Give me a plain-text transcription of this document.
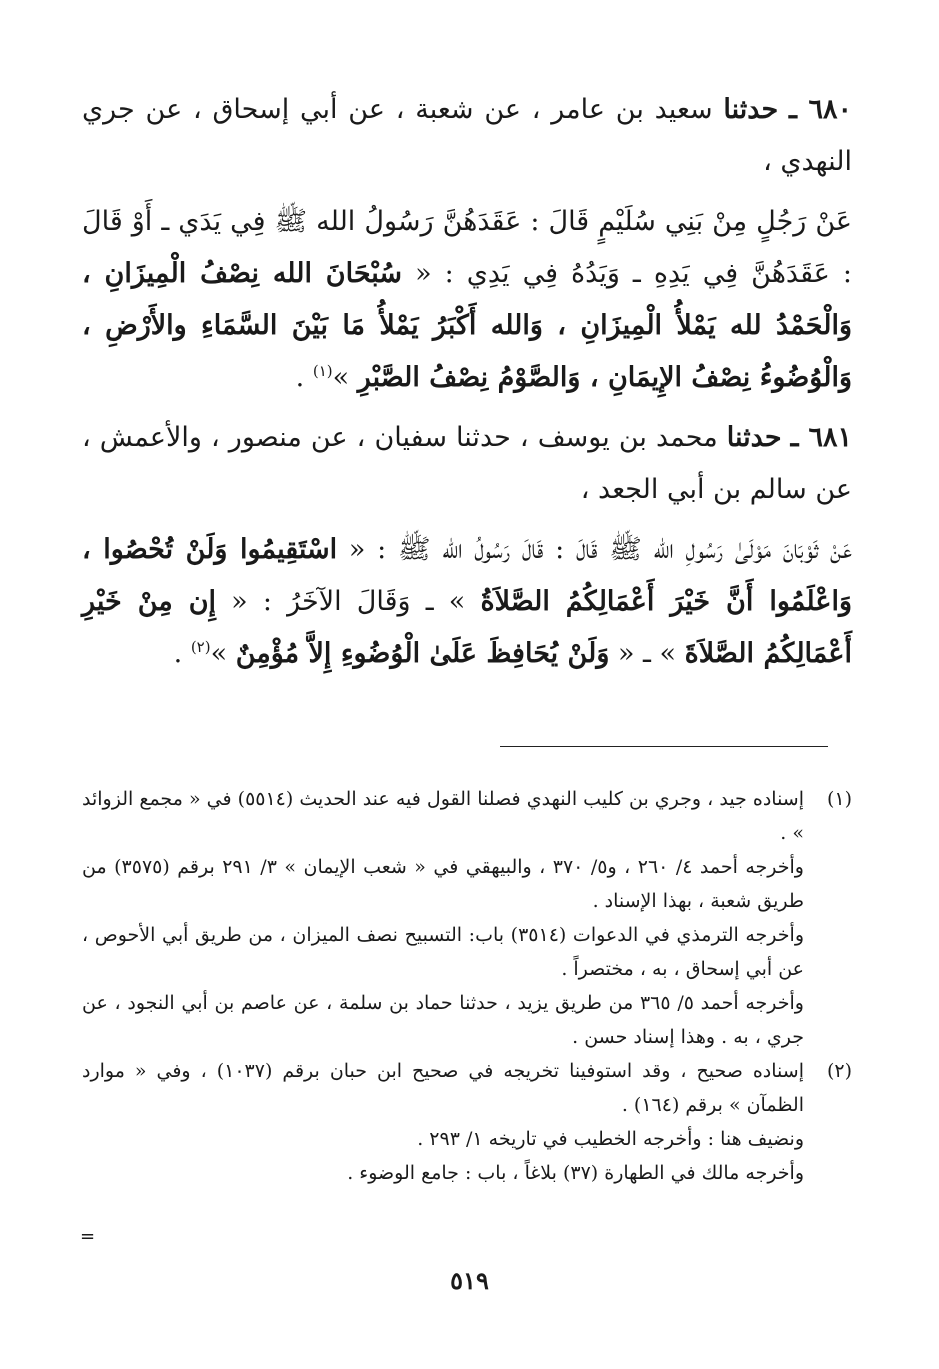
٦٨٠ ـ حدثنا سعيد بن عامر ، عن شعبة ، عن أبي إسحاق ، عن جري النهدي ،

عَنْ رَجُلٍ مِنْ بَنِي سُلَيْمٍ قَالَ : عَقَدَهُنَّ رَسُولُ الله ﷺ فِي يَدَي ـ أَوْ قَالَ : عَقَدَهُنَّ فِي يَدِهِ ـ وَيَدُهُ فِي يَدِي : « سُبْحَانَ الله نِصْفُ الْمِيزَانِ ، وَالْحَمْدُ لله يَمْلأُ الْمِيزَانِ ، وَالله أَكْبَرُ يَمْلأُ مَا بَيْنَ السَّمَاءِ والأَرْضِ ، وَالْوُضُوءُ نِصْفُ الإِيمَانِ ، وَالصَّوْمُ نِصْفُ الصَّبْرِ »$^{(١)}$ .

٦٨١ ـ حدثنا محمد بن يوسف ، حدثنا سفيان ، عن منصور ، والأعمش ، عن سالم بن أبي الجعد ،

عَنْ ثَوْبَانَ مَوْلَىٰ رَسُولِ الله ﷺ قَالَ : قَالَ رَسُولُ الله ﷺ : « اسْتَقِيمُوا وَلَنْ تُحْصُوا ، وَاعْلَمُوا أَنَّ خَيْرَ أَعْمَالِكُمُ الصَّلاَةُ » ـ وَقَالَ الآخَرُ : « إِن مِنْ خَيْرِ أَعْمَالِكُمُ الصَّلاَةَ » ـ « وَلَنْ يُحَافِظَ عَلَىٰ الْوُضُوءِ إِلاَّ مُؤْمِنٌ »$^{(٢)}$ .

(١)
إسناده جيد ، وجري بن كليب النهدي فصلنا القول فيه عند الحديث (٥٥١٤) في « مجمع الزوائد » .
وأخرجه أحمد ٤/ ٢٦٠ ، و٥/ ٣٧٠ ، والبيهقي في « شعب الإيمان » ٣/ ٢٩١ برقم (٣٥٧٥) من طريق شعبة ، بهذا الإسناد .
وأخرجه الترمذي في الدعوات (٣٥١٤) باب: التسبيح نصف الميزان ، من طريق أبي الأحوص ، عن أبي إسحاق ، به ، مختصراً .
وأخرجه أحمد ٥/ ٣٦٥ من طريق يزيد ، حدثنا حماد بن سلمة ، عن عاصم بن أبي النجود ، عن جري ، به . وهذا إسناد حسن .
(٢)
إسناده صحيح ، وقد استوفينا تخريجه في صحيح ابن حبان برقم (١٠٣٧) ، وفي « موارد الظمآن » برقم (١٦٤) .
ونضيف هنا : وأخرجه الخطيب في تاريخه ١/ ٢٩٣ .
وأخرجه مالك في الطهارة (٣٧) بلاغاً ، باب : جامع الوضوء .
=
٥١٩
